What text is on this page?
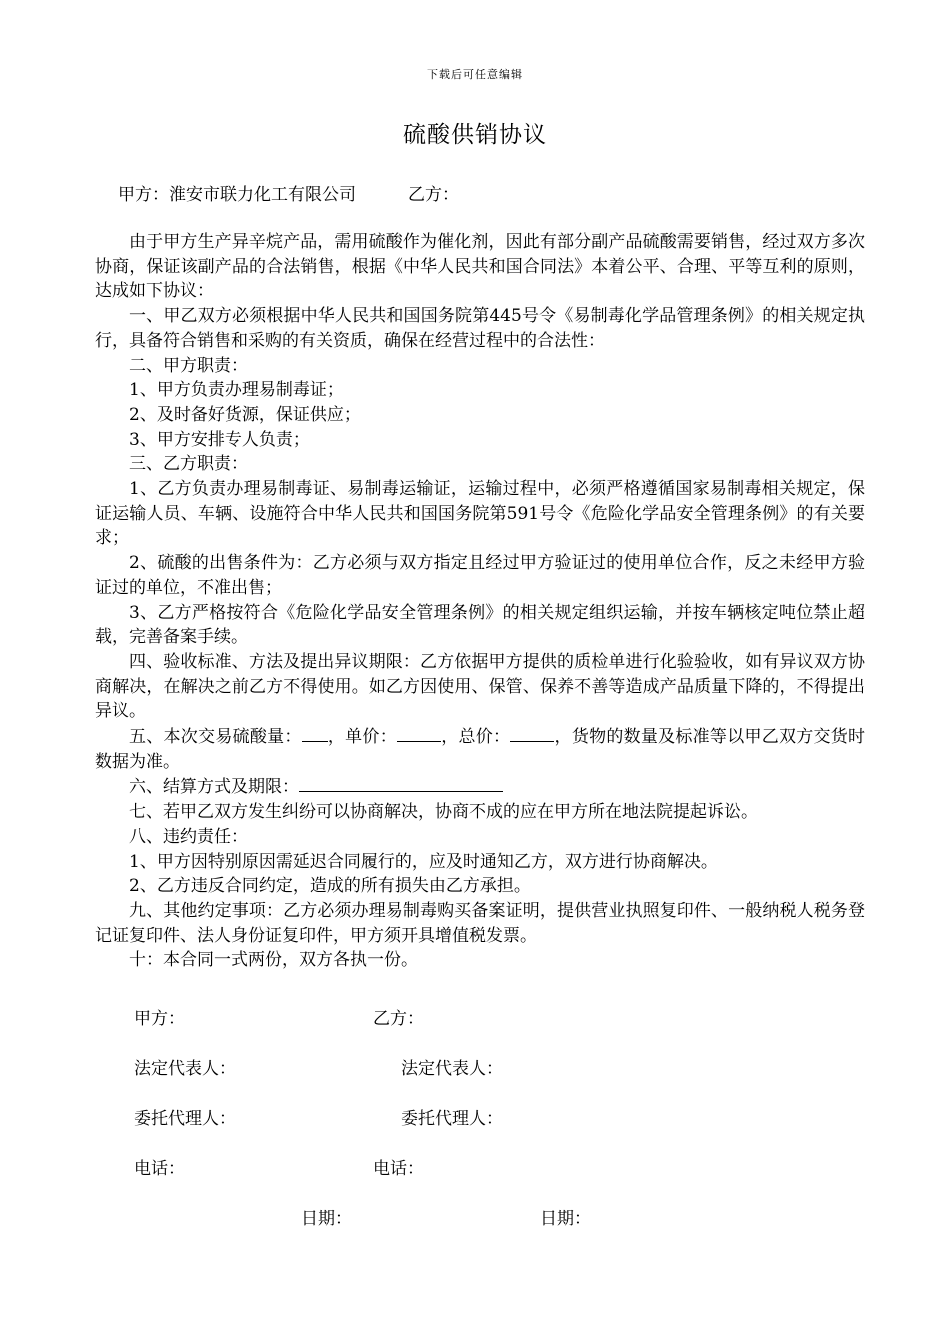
下载后可任意编辑
硫酸供销协议
甲方：淮安市联力化工有限公司	乙方：

由于甲方生产异辛烷产品，需用硫酸作为催化剂，因此有部分副产品硫酸需要销售，经过双方多次协商，保证该副产品的合法销售，根据《中华人民共和国合同法》本着公平、合理、平等互利的原则，达成如下协议：

一、甲乙双方必须根据中华人民共和国国务院第445号令《易制毒化学品管理条例》的相关规定执行，具备符合销售和采购的有关资质，确保在经营过程中的合法性：

二、甲方职责：

1、甲方负责办理易制毒证；

2、及时备好货源，保证供应；

3、甲方安排专人负责；

三、乙方职责：

1、乙方负责办理易制毒证、易制毒运输证，运输过程中，必须严格遵循国家易制毒相关规定，保证运输人员、车辆、设施符合中华人民共和国国务院第591号令《危险化学品安全管理条例》的有关要求；

2、硫酸的出售条件为：乙方必须与双方指定且经过甲方验证过的使用单位合作，反之未经甲方验证过的单位，不准出售；

3、乙方严格按符合《危险化学品安全管理条例》的相关规定组织运输，并按车辆核定吨位禁止超载，完善备案手续。

四、验收标准、方法及提出异议期限：乙方依据甲方提供的质检单进行化验验收，如有异议双方协商解决，在解决之前乙方不得使用。如乙方因使用、保管、保养不善等造成产品质量下降的，不得提出异议。

五、本次交易硫酸量： ，单价：	，总价：	，货物的数量及标准等以甲乙双方交货时数据为准。

六、结算方式及期限：

七、若甲乙双方发生纠纷可以协商解决，协商不成的应在甲方所在地法院提起诉讼。

八、违约责任：

1、甲方因特别原因需延迟合同履行的，应及时通知乙方，双方进行协商解决。

2、乙方违反合同约定，造成的所有损失由乙方承担。

九、其他约定事项：乙方必须办理易制毒购买备案证明，提供营业执照复印件、一般纳税人税务登记证复印件、法人身份证复印件，甲方须开具增值税发票。

十：本合同一式两份，双方各执一份。

甲方：	乙方：
法定代表人：	法定代表人：
委托代理人：	委托代理人：
电话：	电话：
日期：	日期：
